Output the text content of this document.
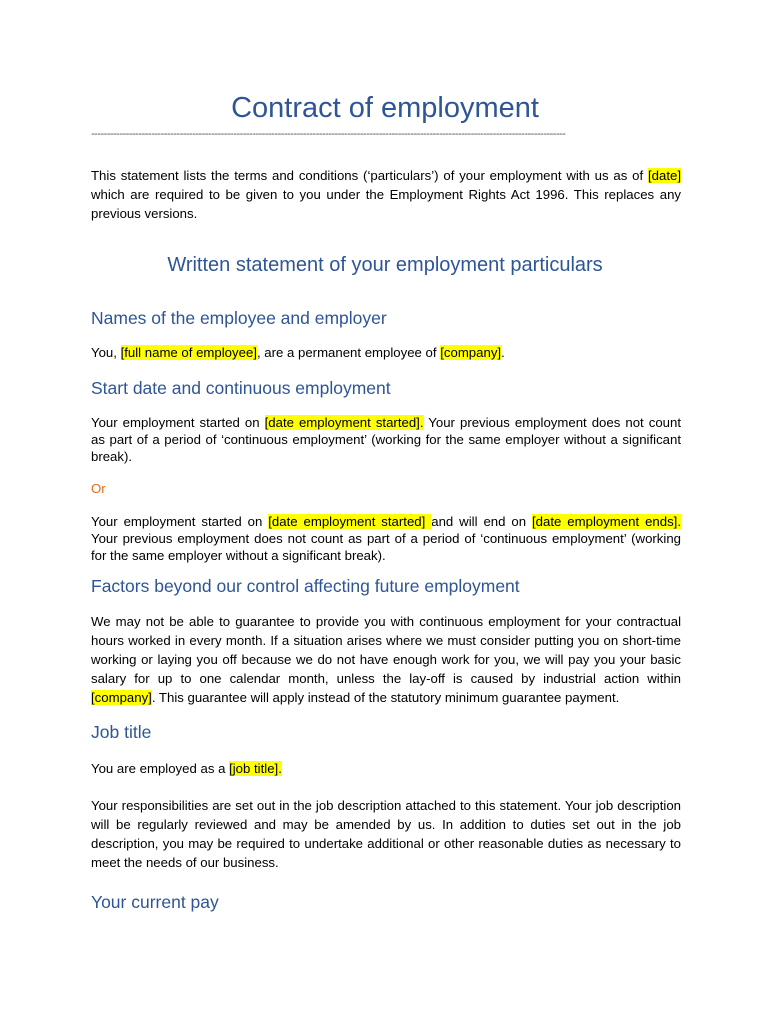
Contract of employment
------------------------------------------------------------------------------------------------------------------------------------------------------

This statement lists the terms and conditions (‘particulars’) of your employment with us as of [date] which are required to be given to you under the Employment Rights Act 1996. This replaces any previous versions.

Written statement of your employment particulars
Names of the employee and employer

You, [full name of employee], are a permanent employee of [company].

Start date and continuous employment

Your employment started on [date employment started]. Your previous employment does not count as part of a period of ‘continuous employment’ (working for the same employer without a significant break).

Or

Your employment started on [date employment started] and will end on [date employment ends]. Your previous employment does not count as part of a period of ‘continuous employment’ (working for the same employer without a significant break).

Factors beyond our control affecting future employment

We may not be able to guarantee to provide you with continuous employment for your contractual hours worked in every month. If a situation arises where we must consider putting you on short-time working or laying you off because we do not have enough work for you, we will pay you your basic salary for up to one calendar month, unless the lay-off is caused by industrial action within [company]. This guarantee will apply instead of the statutory minimum guarantee payment.

Job title

You are employed as a [job title].

Your responsibilities are set out in the job description attached to this statement. Your job description will be regularly reviewed and may be amended by us. In addition to duties set out in the job description, you may be required to undertake additional or other reasonable duties as necessary to meet the needs of our business.

Your current pay
